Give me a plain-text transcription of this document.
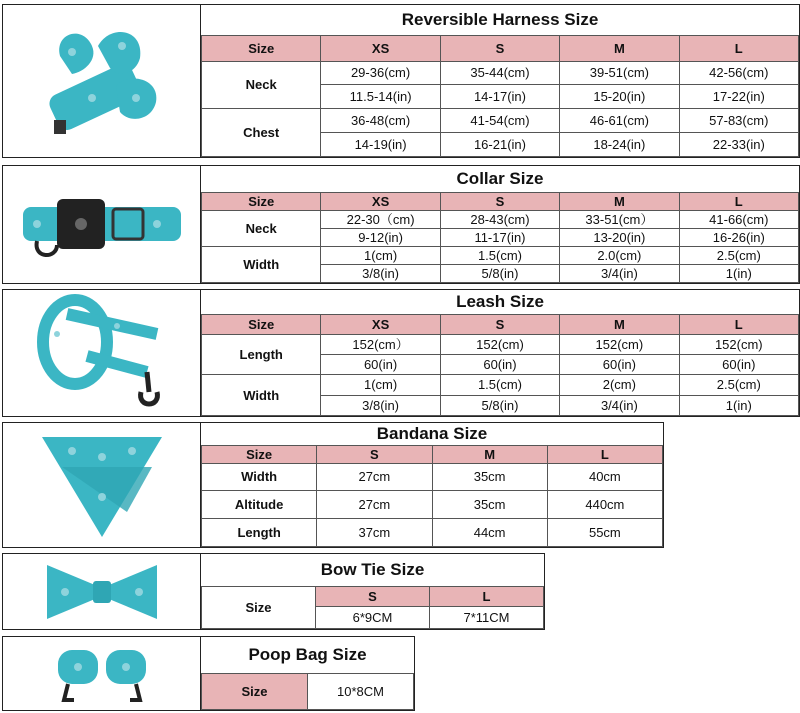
Reversible Harness Size				
Size	XS	S	M	L
Neck	29-36(cm)	35-44(cm)	39-51(cm)	42-56(cm)
	11.5-14(in)	14-17(in)	15-20(in)	17-22(in)
Chest	36-48(cm)	41-54(cm)	46-61(cm)	57-83(cm)
	14-19(in)	16-21(in)	18-24(in)	22-33(in)
Collar Size				
Size	XS	S	M	L
Neck	22-30（cm)	28-43(cm)	33-51(cm）	41-66(cm)
	9-12(in)	11-17(in)	13-20(in)	16-26(in)
Width	1(cm)	1.5(cm)	2.0(cm)	2.5(cm)
	3/8(in)	5/8(in)	3/4(in)	1(in)
Leash Size				
Size	XS	S	M	L
Length	152(cm）	152(cm)	152(cm)	152(cm)
	60(in)	60(in)	60(in)	60(in)
Width	1(cm)	1.5(cm)	2(cm)	2.5(cm)
	3/8(in)	5/8(in)	3/4(in)	1(in)
Bandana Size			
Size	S	M	L
Width	27cm	35cm	40cm
Altitude	27cm	35cm	440cm
Length	37cm	44cm	55cm
Bow Tie Size		
Size	S	L
	6*9CM	7*11CM
Poop Bag Size
Size	10*8CM
